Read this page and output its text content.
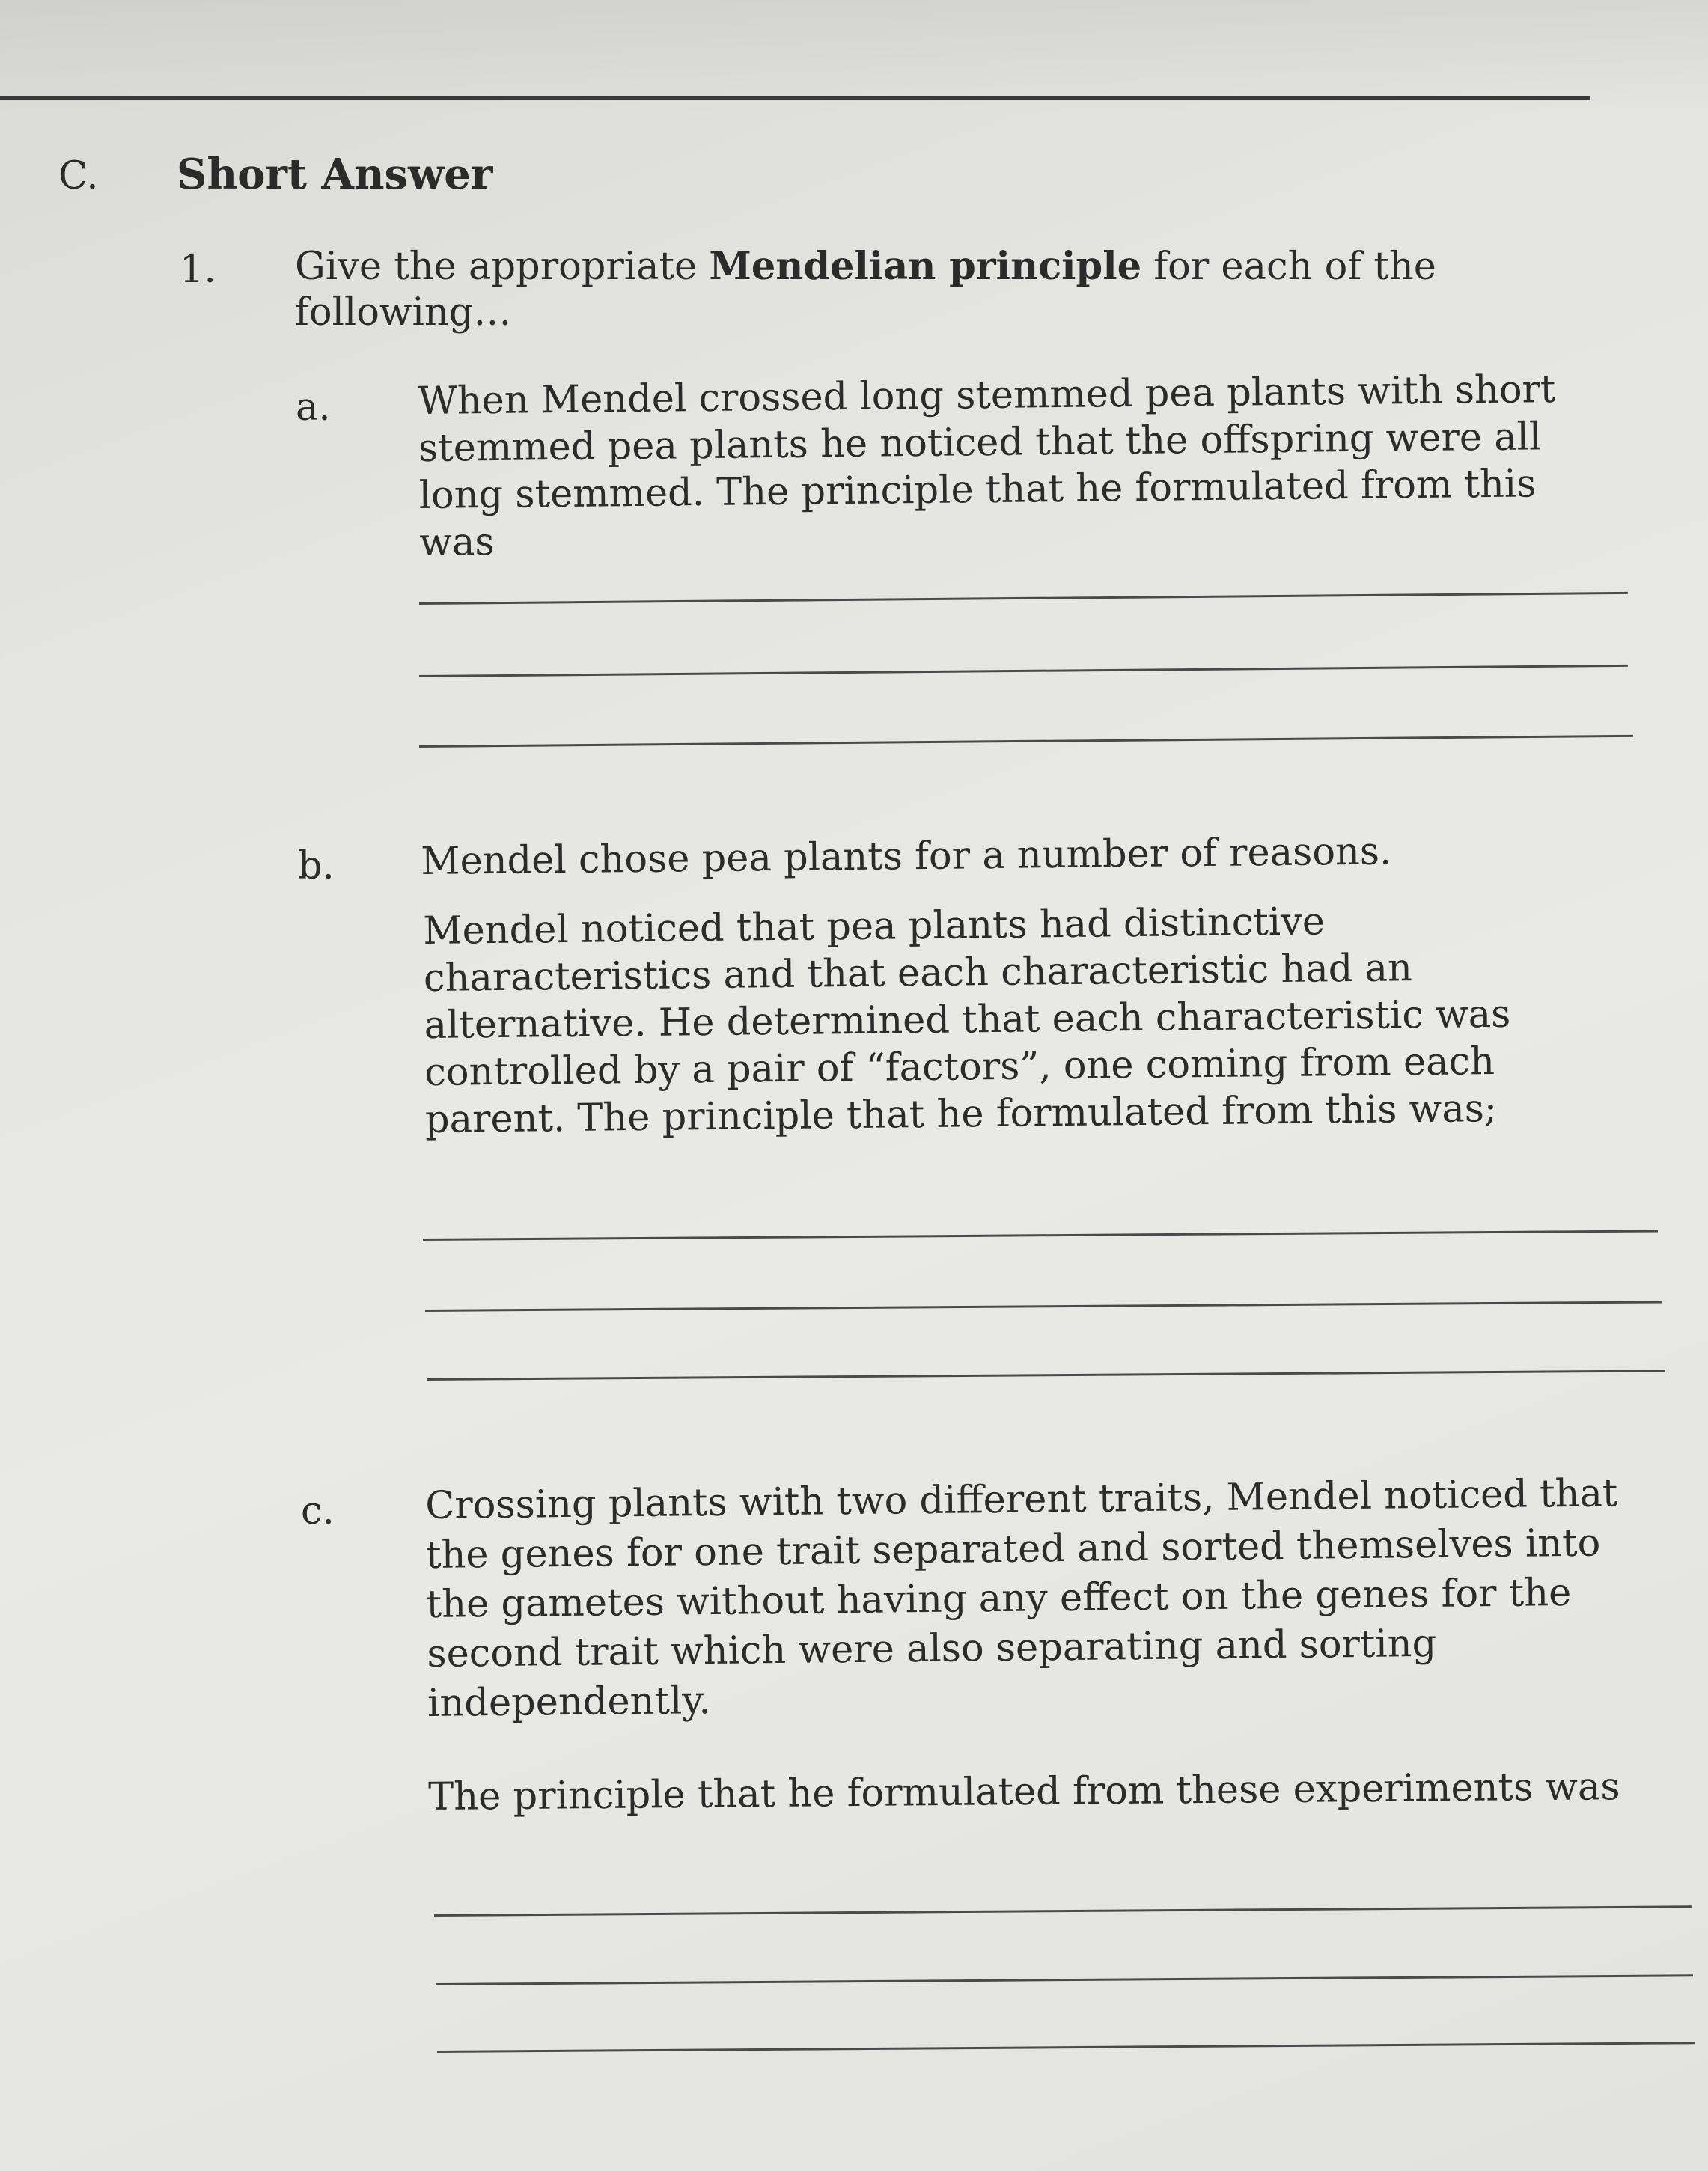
C. Short Answer
1. Give the appropriate Mendelian principle for each of the
following…
a. When Mendel crossed long stemmed pea plants with short
stemmed pea plants he noticed that the offspring were all
long stemmed. The principle that he formulated from this
was
b. Mendel chose pea plants for a number of reasons.
Mendel noticed that pea plants had distinctive
characteristics and that each characteristic had an
alternative. He determined that each characteristic was
controlled by a pair of “factors”, one coming from each
parent. The principle that he formulated from this was;
c. Crossing plants with two different traits, Mendel noticed that
the genes for one trait separated and sorted themselves into
the gametes without having any effect on the genes for the
second trait which were also separating and sorting
independently.
The principle that he formulated from these experiments was
